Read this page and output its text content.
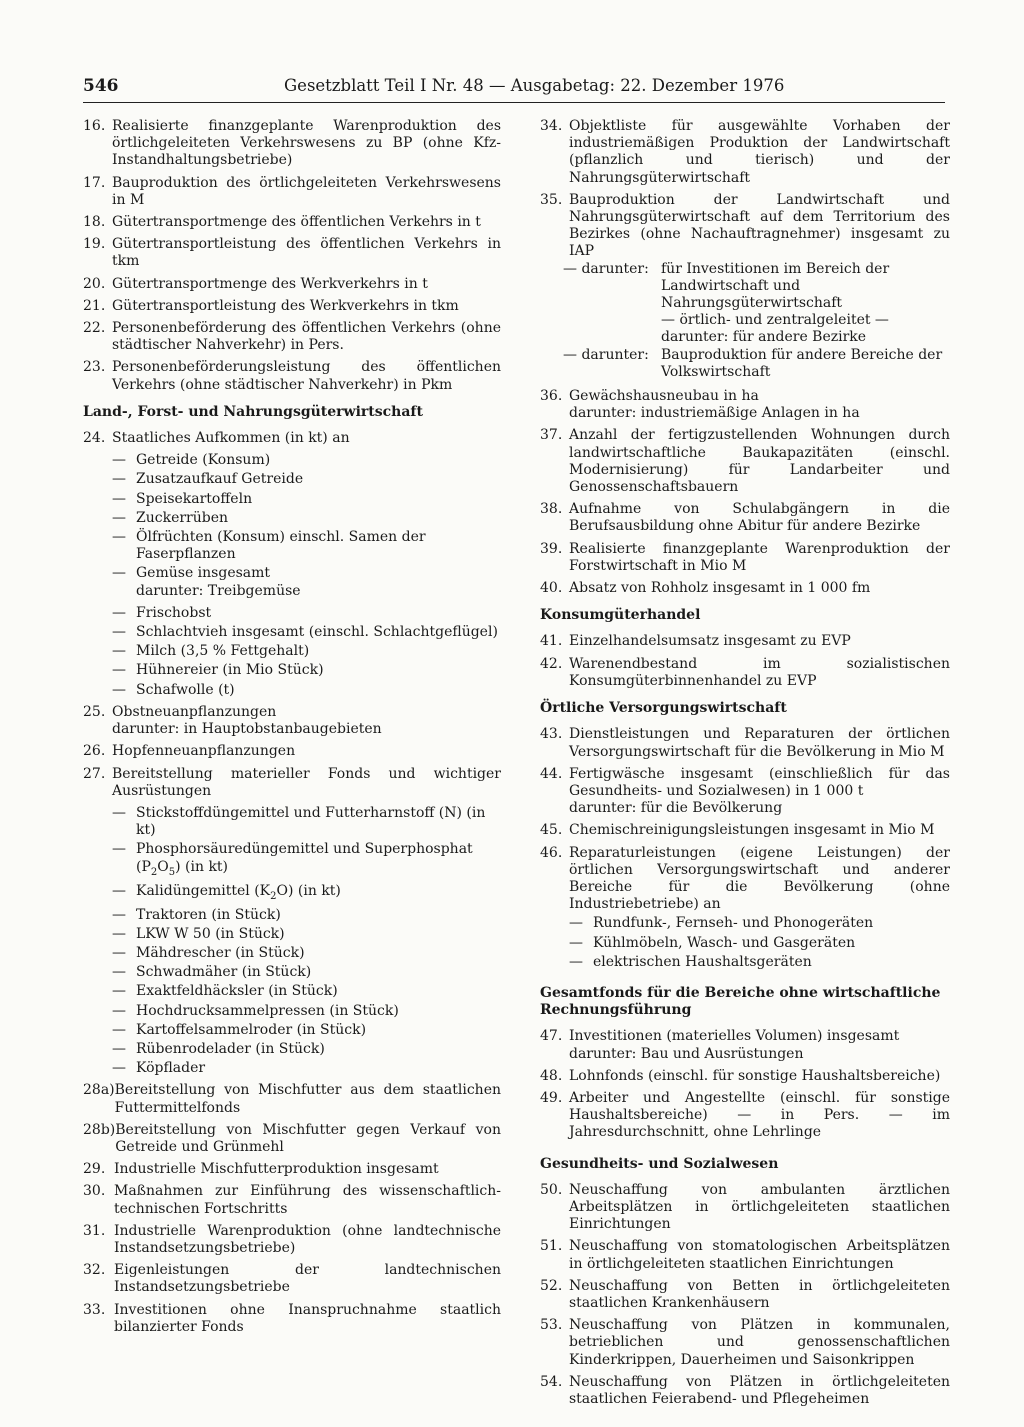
546	Gesetzblatt Teil I Nr. 48 — Ausgabetag: 22. Dezember 1976
16. Realisierte finanzgeplante Warenproduktion des örtlichgeleiteten Verkehrswesens zu BP (ohne Kfz-Instandhaltungsbetriebe)
17. Bauproduktion des örtlichgeleiteten Verkehrswesens in M
18. Gütertransportmenge des öffentlichen Verkehrs in t
19. Gütertransportleistung des öffentlichen Verkehrs in tkm
20. Gütertransportmenge des Werkverkehrs in t
21. Gütertransportleistung des Werkverkehrs in tkm
22. Personenbeförderung des öffentlichen Verkehrs (ohne städtischer Nahverkehr) in Pers.
23. Personenbeförderungsleistung des öffentlichen Verkehrs (ohne städtischer Nahverkehr) in Pkm
Land-, Forst- und Nahrungsgüterwirtschaft
24. Staatliches Aufkommen (in kt) an
— Getreide (Konsum)
— Zusatzaufkauf Getreide
— Speisekartoffeln
— Zuckerrüben
— Ölfrüchten (Konsum) einschl. Samen der Faserpflanzen
— Gemüse insgesamt
darunter: Treibgemüse
— Frischobst
— Schlachtvieh insgesamt (einschl. Schlachtgeflügel)
— Milch (3,5 % Fettgehalt)
— Hühnereier (in Mio Stück)
— Schafwolle (t)
25. Obstneuanpflanzungen
darunter: in Hauptobstanbaugebieten
26. Hopfenneuanpflanzungen
27. Bereitstellung materieller Fonds und wichtiger Ausrüstungen
— Stickstoffdüngemittel und Futterharnstoff (N) (in kt)
— Phosphorsäuredüngemittel und Superphosphat $(P_2O_5)$ (in kt)
— Kalidüngemittel $(K_2O)$ (in kt)
— Traktoren (in Stück)
— LKW W 50 (in Stück)
— Mähdrescher (in Stück)
— Schwadmäher (in Stück)
— Exaktfeldhäcksler (in Stück)
— Hochdrucksammelpressen (in Stück)
— Kartoffelsammelroder (in Stück)
— Rübenrodelader (in Stück)
— Köpflader
28a) Bereitstellung von Mischfutter aus dem staatlichen Futtermittelfonds
28b) Bereitstellung von Mischfutter gegen Verkauf von Getreide und Grünmehl
29. Industrielle Mischfutterproduktion insgesamt
30. Maßnahmen zur Einführung des wissenschaftlich-technischen Fortschritts
31. Industrielle Warenproduktion (ohne landtechnische Instandsetzungsbetriebe)
32. Eigenleistungen der landtechnischen Instandsetzungsbetriebe
33. Investitionen ohne Inanspruchnahme staatlich bilanzierter Fonds
34. Objektliste für ausgewählte Vorhaben der industriemäßigen Produktion der Landwirtschaft (pflanzlich und tierisch) und der Nahrungsgüterwirtschaft
35. Bauproduktion der Landwirtschaft und Nahrungsgüterwirtschaft auf dem Territorium des Bezirkes (ohne Nachauftragnehmer) insgesamt zu IAP
— darunter: für Investitionen im Bereich der Landwirtschaft und Nahrungsgüterwirtschaft
— örtlich- und zentralgeleitet —
darunter: für andere Bezirke
— darunter: Bauproduktion für andere Bereiche der Volkswirtschaft
36. Gewächshausneubau in ha
darunter: industriemäßige Anlagen in ha
37. Anzahl der fertigzustellenden Wohnungen durch landwirtschaftliche Baukapazitäten (einschl. Modernisierung) für Landarbeiter und Genossenschaftsbauern
38. Aufnahme von Schulabgängern in die Berufsausbildung ohne Abitur für andere Bezirke
39. Realisierte finanzgeplante Warenproduktion der Forstwirtschaft in Mio M
40. Absatz von Rohholz insgesamt in 1 000 fm
Konsumgüterhandel
41. Einzelhandelsumsatz insgesamt zu EVP
42. Warenendbestand im sozialistischen Konsumgüterbinnenhandel zu EVP
Örtliche Versorgungswirtschaft
43. Dienstleistungen und Reparaturen der örtlichen Versorgungswirtschaft für die Bevölkerung in Mio M
44. Fertigwäsche insgesamt (einschließlich für das Gesundheits- und Sozialwesen) in 1 000 t
darunter: für die Bevölkerung
45. Chemischreinigungsleistungen insgesamt in Mio M
46. Reparaturleistungen (eigene Leistungen) der örtlichen Versorgungswirtschaft und anderer Bereiche für die Bevölkerung (ohne Industriebetriebe) an
— Rundfunk-, Fernseh- und Phonogeräten
— Kühlmöbeln, Wasch- und Gasgeräten
— elektrischen Haushaltsgeräten
Gesamtfonds für die Bereiche ohne wirtschaftliche Rechnungsführung
47. Investitionen (materielles Volumen) insgesamt
darunter: Bau und Ausrüstungen
48. Lohnfonds (einschl. für sonstige Haushaltsbereiche)
49. Arbeiter und Angestellte (einschl. für sonstige Haushaltsbereiche) — in Pers. — im Jahresdurchschnitt, ohne Lehrlinge
Gesundheits- und Sozialwesen
50. Neuschaffung von ambulanten ärztlichen Arbeitsplätzen in örtlichgeleiteten staatlichen Einrichtungen
51. Neuschaffung von stomatologischen Arbeitsplätzen in örtlichgeleiteten staatlichen Einrichtungen
52. Neuschaffung von Betten in örtlichgeleiteten staatlichen Krankenhäusern
53. Neuschaffung von Plätzen in kommunalen, betrieblichen und genossenschaftlichen Kinderkrippen, Dauerheimen und Saisonkrippen
54. Neuschaffung von Plätzen in örtlichgeleiteten staatlichen Feierabend- und Pflegeheimen
